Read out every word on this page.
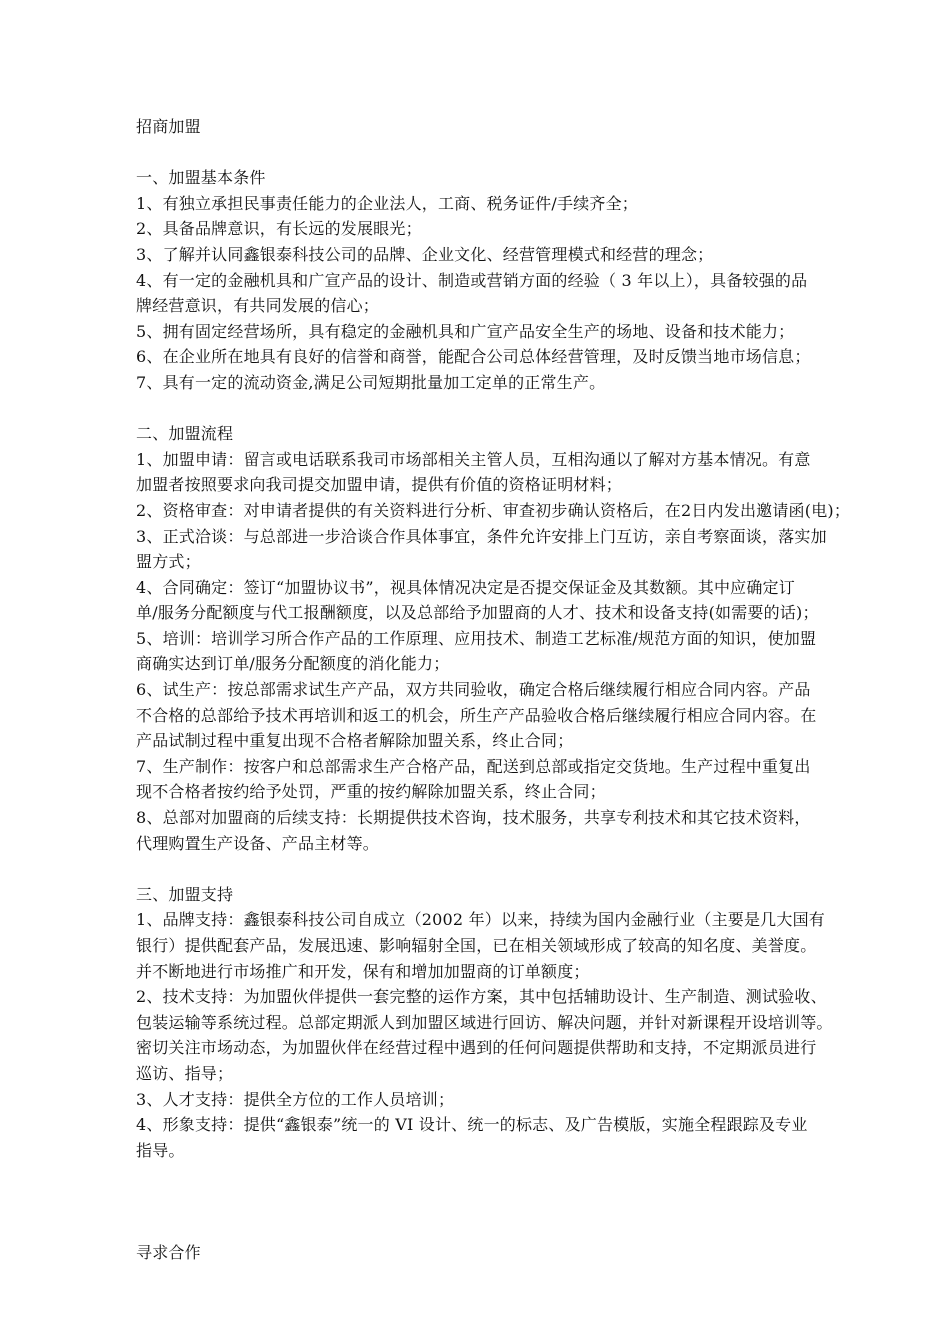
招商加盟
一、加盟基本条件
1、有独立承担民事责任能力的企业法人，工商、税务证件/手续齐全；
2、具备品牌意识，有长远的发展眼光；
3、了解并认同鑫银泰科技公司的品牌、企业文化、经营管理模式和经营的理念；
4、有一定的金融机具和广宣产品的设计、制造或营销方面的经验（ 3 年以上），具备较强的品
牌经营意识，有共同发展的信心；
5、拥有固定经营场所，具有稳定的金融机具和广宣产品安全生产的场地、设备和技术能力；
6、在企业所在地具有良好的信誉和商誉，能配合公司总体经营管理，及时反馈当地市场信息；
7、具有一定的流动资金,满足公司短期批量加工定单的正常生产。
二、加盟流程
1、加盟申请：留言或电话联系我司市场部相关主管人员，互相沟通以了解对方基本情况。有意
加盟者按照要求向我司提交加盟申请，提供有价值的资格证明材料；
2、资格审查：对申请者提供的有关资料进行分析、审查初步确认资格后，在2日内发出邀请函(电)；
3、正式洽谈：与总部进一步洽谈合作具体事宜，条件允许安排上门互访，亲自考察面谈，落实加
盟方式；
4、合同确定：签订“加盟协议书”，视具体情况决定是否提交保证金及其数额。其中应确定订
单/服务分配额度与代工报酬额度，以及总部给予加盟商的人才、技术和设备支持(如需要的话)；
5、培训：培训学习所合作产品的工作原理、应用技术、制造工艺标准/规范方面的知识，使加盟
商确实达到订单/服务分配额度的消化能力；
6、试生产：按总部需求试生产产品，双方共同验收，确定合格后继续履行相应合同内容。产品
不合格的总部给予技术再培训和返工的机会，所生产产品验收合格后继续履行相应合同内容。在
产品试制过程中重复出现不合格者解除加盟关系，终止合同；
7、生产制作：按客户和总部需求生产合格产品，配送到总部或指定交货地。生产过程中重复出
现不合格者按约给予处罚，严重的按约解除加盟关系，终止合同；
8、总部对加盟商的后续支持：长期提供技术咨询，技术服务，共享专利技术和其它技术资料，
代理购置生产设备、产品主材等。
三、加盟支持
1、品牌支持：鑫银泰科技公司自成立（2002 年）以来，持续为国内金融行业（主要是几大国有
银行）提供配套产品，发展迅速、影响辐射全国，已在相关领域形成了较高的知名度、美誉度。
并不断地进行市场推广和开发，保有和增加加盟商的订单额度；
2、技术支持：为加盟伙伴提供一套完整的运作方案，其中包括辅助设计、生产制造、测试验收、
包装运输等系统过程。总部定期派人到加盟区域进行回访、解决问题，并针对新课程开设培训等。
密切关注市场动态，为加盟伙伴在经营过程中遇到的任何问题提供帮助和支持，不定期派员进行
巡访、指导；
3、人才支持：提供全方位的工作人员培训；
4、形象支持：提供“鑫银泰”统一的 VI 设计、统一的标志、及广告模版，实施全程跟踪及专业
指导。
寻求合作
